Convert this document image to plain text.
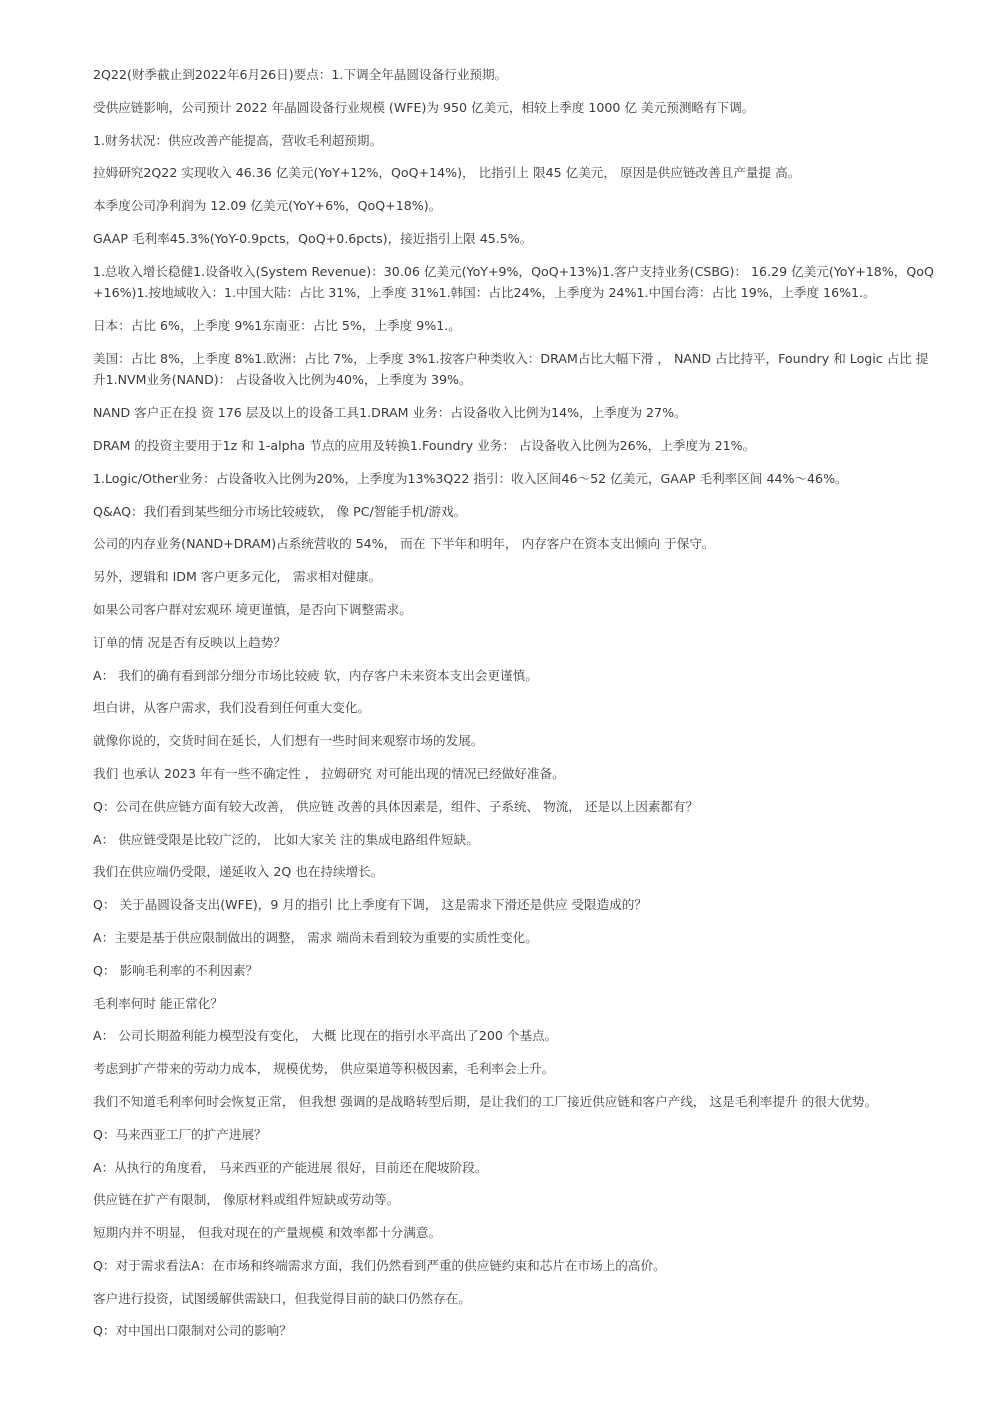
2Q22(财季截止到2022年6月26日)要点：1.下调全年晶圆设备行业预期。

受供应链影响，公司预计 2022 年晶圆设备行业规模 (WFE)为 950 亿美元，相较上季度 1000 亿 美元预测略有下调。

1.财务状况：供应改善产能提高，营收毛利超预期。

拉姆研究2Q22 实现收入 46.36 亿美元(YoY+12%，QoQ+14%)， 比指引上 限45 亿美元， 原因是供应链改善且产量提 高。

本季度公司净利润为 12.09 亿美元(YoY+6%，QoQ+18%)。

GAAP 毛利率45.3%(YoY-0.9pcts，QoQ+0.6pcts)，接近指引上限 45.5%。

1.总收入增长稳健1.设备收入(System Revenue)：30.06 亿美元(YoY+9%，QoQ+13%)1.客户支持业务(CSBG)： 16.29 亿美元(YoY+18%，QoQ+16%)1.按地域收入：1.中国大陆：占比 31%，上季度 31%1.韩国：占比24%，上季度为 24%1.中国台湾：占比 19%，上季度 16%1.。

日本：占比 6%，上季度 9%1东南亚：占比 5%，上季度 9%1.。

美国：占比 8%，上季度 8%1.欧洲：占比 7%，上季度 3%1.按客户种类收入：DRAM占比大幅下滑 ， NAND 占比持平，Foundry 和 Logic 占比 提升1.NVM业务(NAND)： 占设备收入比例为40%，上季度为 39%。

NAND 客户正在投 资 176 层及以上的设备工具1.DRAM 业务：占设备收入比例为14%，上季度为 27%。

DRAM 的投资主要用于1z 和 1-alpha 节点的应用及转换1.Foundry 业务： 占设备收入比例为26%，上季度为 21%。

1.Logic/Other业务：占设备收入比例为20%，上季度为13%3Q22 指引：收入区间46～52 亿美元，GAAP 毛利率区间 44%～46%。

Q&AQ：我们看到某些细分市场比较疲软， 像 PC/智能手机/游戏。

公司的内存业务(NAND+DRAM)占系统营收的 54%， 而在 下半年和明年， 内存客户在资本支出倾向 于保守。

另外，逻辑和 IDM 客户更多元化， 需求相对健康。

如果公司客户群对宏观环 境更谨慎，是否向下调整需求。

订单的情 况是否有反映以上趋势？

A： 我们的确有看到部分细分市场比较疲 软，内存客户未来资本支出会更谨慎。

坦白讲，从客户需求，我们没看到任何重大变化。

就像你说的，交货时间在延长，人们想有一些时间来观察市场的发展。

我们 也承认 2023 年有一些不确定性 ， 拉姆研究 对可能出现的情况已经做好准备。

Q：公司在供应链方面有较大改善， 供应链 改善的具体因素是，组件、子系统、 物流， 还是以上因素都有？

A： 供应链受限是比较广泛的， 比如大家关 注的集成电路组件短缺。

我们在供应端仍受限，递延收入 2Q 也在持续增长。

Q： 关于晶圆设备支出(WFE)，9 月的指引 比上季度有下调， 这是需求下滑还是供应 受限造成的？

A：主要是基于供应限制做出的调整， 需求 端尚未看到较为重要的实质性变化。

Q： 影响毛利率的不利因素？

毛利率何时 能正常化？

A： 公司长期盈利能力模型没有变化， 大概 比现在的指引水平高出了200 个基点。

考虑到扩产带来的劳动力成本， 规模优势， 供应渠道等积极因素，毛利率会上升。

我们不知道毛利率何时会恢复正常， 但我想 强调的是战略转型后期，是让我们的工厂接近供应链和客户产线， 这是毛利率提升 的很大优势。

Q：马来西亚工厂的扩产进展？

A：从执行的角度看， 马来西亚的产能进展 很好，目前还在爬坡阶段。

供应链在扩产有限制， 像原材料或组件短缺或劳动等。

短期内并不明显， 但我对现在的产量规模 和效率都十分满意。

Q：对于需求看法A：在市场和终端需求方面，我们仍然看到严重的供应链约束和芯片在市场上的高价。

客户进行投资，试图缓解供需缺口，但我觉得目前的缺口仍然存在。

Q：对中国出口限制对公司的影响？
